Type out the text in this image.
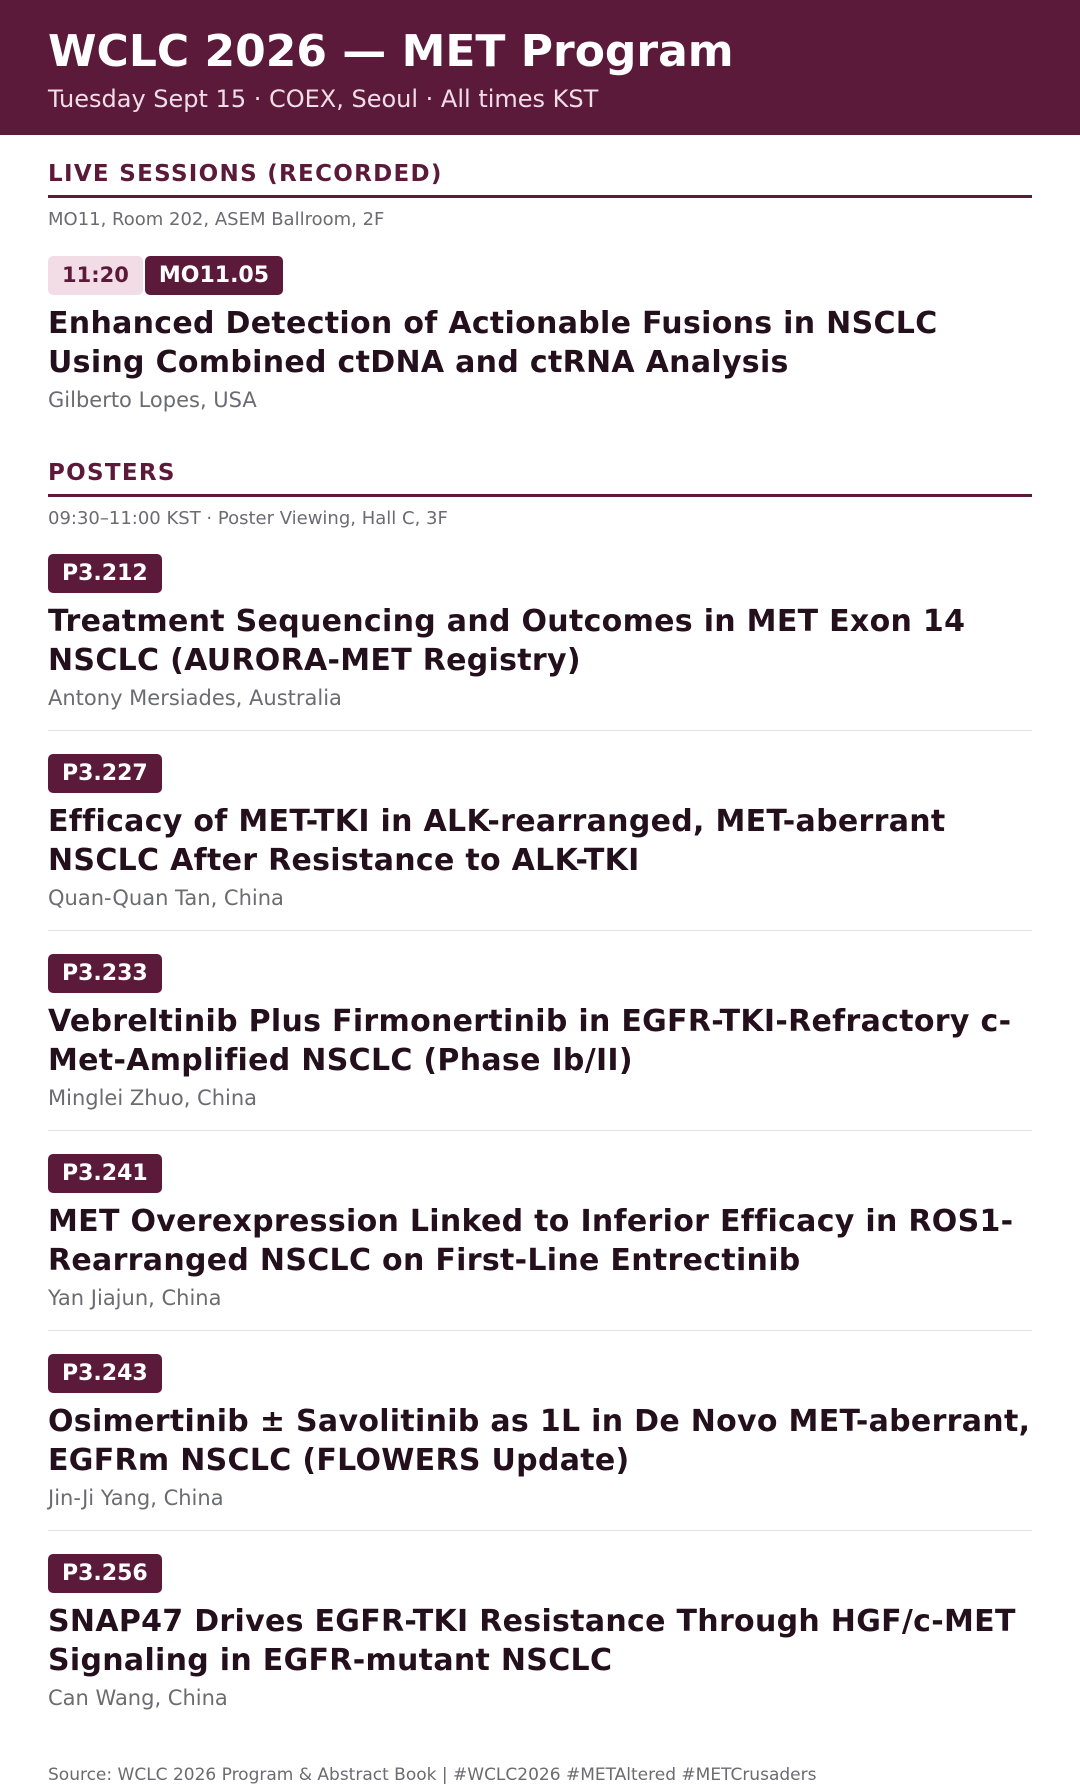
WCLC 2026 — MET Program
Tuesday Sept 15 · COEX, Seoul · All times KST
LIVE SESSIONS (RECORDED)
MO11, Room 202, ASEM Ballroom, 2F
11:20	MO11.05
Enhanced Detection of Actionable Fusions in NSCLC Using Combined ctDNA and ctRNA Analysis
Gilberto Lopes, USA
POSTERS
09:30–11:00 KST · Poster Viewing, Hall C, 3F
P3.212
Treatment Sequencing and Outcomes in MET Exon 14 NSCLC (AURORA-MET Registry)
Antony Mersiades, Australia
P3.227
Efficacy of MET-TKI in ALK-rearranged, MET-aberrant NSCLC After Resistance to ALK-TKI
Quan-Quan Tan, China
P3.233
Vebreltinib Plus Firmonertinib in EGFR-TKI-Refractory c-Met-Amplified NSCLC (Phase Ib/II)
Minglei Zhuo, China
P3.241
MET Overexpression Linked to Inferior Efficacy in ROS1-Rearranged NSCLC on First-Line Entrectinib
Yan Jiajun, China
P3.243
Osimertinib ± Savolitinib as 1L in De Novo MET-aberrant, EGFRm NSCLC (FLOWERS Update)
Jin-Ji Yang, China
P3.256
SNAP47 Drives EGFR-TKI Resistance Through HGF/c-MET Signaling in EGFR-mutant NSCLC
Can Wang, China
Source: WCLC 2026 Program & Abstract Book | #WCLC2026 #METAltered #METCrusaders
